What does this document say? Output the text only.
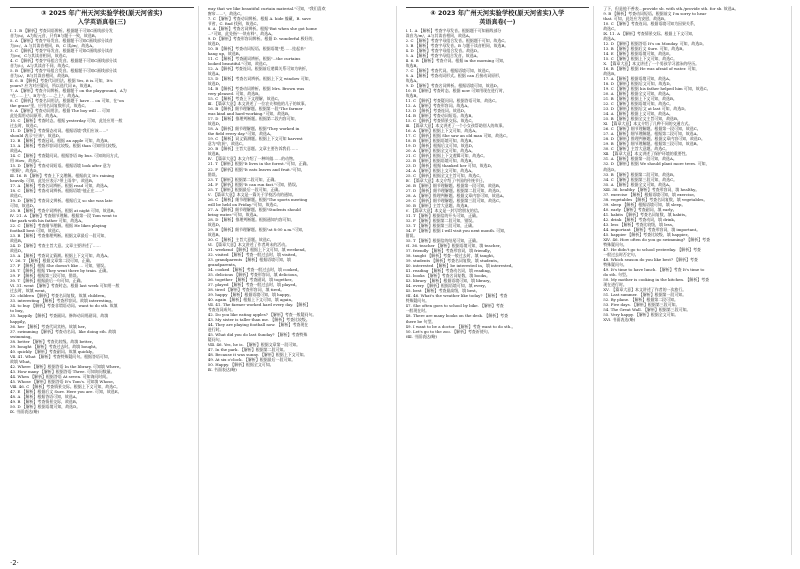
③ 2025 年广州天河实验学校(原天河省实)
入学英语真卷(三)
Ⅰ. 1. B 【解析】考查词语辨析。根据题干可知C画线部分发
音为/u/，A为短元音，只有B与题干一致，故选B。
2. A 【解析】考查字母发音。根据题干可知C画线部分读音
为/ɑː/，A 与其读音相同，B、C 读/æ/，故选A。
3. C 【解析】考查字母发音。根据题干可知C画线部分读音
为/eɪ/，C与其读音相同，故选C。
4. C 【解析】考查字母组合发音。根据题干可知C画线部分读
音为/iː/，A与其读音不同，故选C。
5. B 【解析】考查字母组合发音。根据题干可知C画线部分读
音为/ʌ/，B与其读音相同，故选B。
Ⅱ. 6. B 【解析】考查代词用法。根据 Yes, it is.可知，It's
yours? 应为对应疑问，所以选代词 it。故选B。
7. A 【解析】考查介词辨析。根据题干 on the playground，A为
"在……上"，B为"在……之上"，故选A。
8. C 【解析】考查名词用法。根据题干 have ... on 可知，在"on
the grass"里，应用名词复数形式，故选C。
9. A 【解析】考查动词用法。根据 The boy will ... 可知
此处需用动词原形，故选A。
10. C 【解析】考查时态。根据 yesterday 可知，此处应用一般
过去时，故选C。
11. D 【解析】考查情态动词。根据语境"我们应该……"
should 表示"应该"，故选D。
12. B 【解析】考查冠词。根据 an apple 可知，故选B。
13. A 【解析】考查形容词比较级。根据 than 可知用比较级，
故选A。
14. C 【解析】考查疑问词。根据答语 By bus. 可知询问方式，
用 How，故选C。
15. D 【解析】考查动词短语。根据语境 look after 意为
"照顾"，故选D。
Ⅲ. 16. B 【解析】考查上下文理解。根据前文 It's raining
heavily. 可知，此处应表示"带上雨伞"，故选B。
17. A 【解析】考查名词辨析。根据 read 可知，故选A。
18. C 【解析】考查动词辨析。根据语境"他正在……"
故选C。
19. D 【解析】考查词义辨析。根据后文 so she was late
可知，故选D。
20. B 【解析】考查介词辨析。根据 at night 可知，故选B。
Ⅳ. 21. A 【解析】考查细节理解。根据第一段 Tom went to
the park with his father 可知，故选A。
22. C 【解析】考查细节理解。根据 He likes playing
football best 可知，故选C。
23. B 【解析】考查推理判断。根据文章最后一段可知，
故选B。
24. D 【解析】考查主旨大意。文章主要讲述了……
故选D。
25. A 【解析】考查词义猜测。根据上下文可知，故选A。
Ⅴ. 26. T 【解析】根据文章第二段可知，正确。
27. F 【解析】根据 She doesn't like ... 可知，错误。
28. T 【解析】根据 They went there by train. 正确。
29. F 【解析】根据第三段可知，错误。
30. T 【解析】根据最后一句可知，正确。
Ⅵ. 31. went 【解析】考查时态。根据 last week 可知用一般
过去时，故填 went。
32. children 【解析】考查名词复数。故填 children。
33. interesting 【解析】考查形容词。故填 interesting。
34. to buy 【解析】考查非谓语动词。want to do sth. 故填
to buy。
35. happily 【解析】考查副词。修饰动词用副词，故填
happily。
36. her 【解析】考查代词宾格。故填 her。
37. swimming 【解析】考查动名词。like doing sth. 故填
swimming。
38. better 【解析】考查比较级。故填 better。
39. bought 【解析】考查过去时。故填 bought。
40. quickly 【解析】考查副词。故填 quickly。
Ⅶ. 41. What 【解析】考查特殊疑问句。根据答语可知，
故填 What。
42. Where 【解析】根据答语 In the library. 可知填 Where。
43. How many 【解析】根据答语 Three. 可知询问数量。
44. When 【解析】根据答语 At seven. 可知询问时间。
45. Whose 【解析】根据答语 It's Tom's. 可知填 Whose。
Ⅷ. 46. C 【解析】考查情景交际。根据上下文可知，故选C。
47. E 【解析】根据后文 Sure. Here you are. 可知，故选E。
48. A 【解析】根据答语可知，故选A。
49. B 【解析】考查情景交际，故选B。
50. D 【解析】根据语境可知，故选D。
Ⅸ. 书面表达(略)
way that we like beautiful curtain material."可知，"我们喜欢
窗帘……"，故选C。
7. C 【解析】考查动词辨析。根据 A. hide 躲藏，B. save
节省，C. find 找到，故选C。
8. A 【解析】考查名词辨析。根据"But when she got home
..."可知，此处指"一块布料"，故选A。
9. D 【解析】考查形容词辨析。根据 D. wonderful 极好的，
故选D。
10. B 【解析】考查动词短语。根据语境"把……挂起来"
hang up，故选B。
11. C 【解析】考查副词辨析。根据"...the curtains
looked beautiful."可知，故选C。
12. A 【解析】考查连词。根据前后逻辑关系可知为转折，
故选A。
13. D 【解析】考查名词辨析。根据上下文 window 可知，
故选D。
14. B 【解析】考查动词辨析。根据 Mrs. Brown was
very pleased. 可知，故选B。
15. C 【解析】考查上下文理解，故选C。
Ⅲ. 【篇章大意】本文讲述了一位农夫和他的儿子的故事。
16. B 【解析】细节理解题。根据第一段"The farmer
was kind and hard-working."可知，故选B。
17. D 【解析】推理判断题。根据第二段内容可知，
故选D。
18. A 【解析】细节理解题。根据"They worked in
the field every day."可知，故选A。
19. C 【解析】词义猜测题。根据上下文可知 harvest
意为"收获"，故选C。
20. B 【解析】主旨大意题。文章主要告诉我们……
故选B。
Ⅳ. 【篇章大意】本文介绍了一种叫做……的动物。
21. T 【解析】根据"It lives in the forest."可知，正确。
22. F 【解析】根据"It eats leaves and fruit."可知，
错误。
23. T 【解析】根据第二段可知，正确。
24. F 【解析】根据"It can run fast."可知，错误。
25. T 【解析】根据最后一段可知，正确。
Ⅴ. 【篇章大意】本文是一篇关于学校活动的通知。
26. C 【解析】细节理解题。根据"The sports meeting
will be held on Friday."可知，故选C。
27. A 【解析】细节理解题。根据"Students should
bring water."可知，故选A。
28. D 【解析】推理判断题。根据通知内容可知，
故选D。
29. B 【解析】细节理解题。根据"at 8:00 a.m."可知，
故选B。
30. C 【解析】主旨大意题。故选C。
Ⅵ. 【篇章大意】本文讲述了作者周末的活动。
31. weekend 【解析】根据上下文可知，填 weekend。
32. visited 【解析】考查一般过去时，填 visited。
33. grandparents 【解析】根据语境可知，填
grandparents。
34. cooked 【解析】考查一般过去时，填 cooked。
35. delicious 【解析】考查形容词，填 delicious。
36. together 【解析】考查副词，填 together。
37. played 【解析】考查一般过去时，填 played。
38. tired 【解析】考查形容词，填 tired。
39. happy 【解析】根据语境可知，填 happy。
40. again 【解析】根据上下文可知，填 again。
Ⅶ. 41. The farmer worked hard every day. 【解析】
考查连词成句。
42. Do you like eating apples? 【解析】考查一般疑问句。
43. My sister is taller than me. 【解析】考查比较级。
44. They are playing football now. 【解析】考查现在
进行时。
45. What did you do last Sunday? 【解析】考查特殊
疑问句。
Ⅷ. 46. Yes, he is. 【解析】根据文章第一段可知。
47. In the park. 【解析】根据第二段可知。
48. Because it was sunny. 【解析】根据上下文可知。
49. At six o'clock. 【解析】根据最后一段可知。
50. Happy. 【解析】根据全文可知。
Ⅸ. 书面表达(略)
④ 2023 年广州天河实验学校(原天河省实)入学
英语真卷(一)
Ⅰ. 1. A 【解析】考查字母发音。根据题干可知画线部分
读音为/æ/，A与其读音相同，故选A。
2. C 【解析】考查字母组合发音。根据题干可知，故选C。
3. B 【解析】考查字母发音。B 与题干读音相同，故选B。
4. D 【解析】考查字母组合发音。故选D。
5. A 【解析】考查字母组合发音。故选A。
Ⅱ. 6. B 【解析】考查介词。根据 in the morning 可知，
故选B。
7. C 【解析】考查代词。根据语境可知，故选C。
8. A 【解析】考查动词形式。根据 can 后接动词原形，
故选A。
9. D 【解析】考查名词辨析。根据语境可知，故选D。
10. B 【解析】考查时态。根据 now 可知用现在进行时，
故选B。
11. C 【解析】考查疑问词。根据答语可知，故选C。
12. A 【解析】考查形容词。故选A。
13. D 【解析】考查连词。故选D。
14. B 【解析】考查动词短语。故选B。
15. C 【解析】考查情景交际。故选C。
Ⅲ. 【篇章大意】本文讲述了一个小女孩帮助别人的故事。
16. A 【解析】根据上下文可知，故选A。
17. C 【解析】根据 She saw an old man 可知，故选C。
18. B 【解析】根据语境可知，故选B。
19. D 【解析】根据后文可知，故选D。
20. A 【解析】根据全文可知，故选A。
21. C 【解析】根据上下文逻辑可知，故选C。
22. B 【解析】根据语境可知，故选B。
23. D 【解析】根据 thanked her 可知，故选D。
24. A 【解析】根据上文可知，故选A。
25. C 【解析】根据全文主旨可知，故选C。
Ⅳ. 【篇章大意】本文介绍了中国的传统节日。
26. B 【解析】细节理解题。根据第一段可知，故选B。
27. D 【解析】细节理解题。根据第二段可知，故选D。
28. A 【解析】推理判断题。根据文章内容可知，故选A。
29. C 【解析】细节理解题。根据第三段可知，故选C。
30. B 【解析】主旨大意题。故选B。
Ⅴ. 【篇章大意】本文是一封写给朋友的信。
31. T 【解析】根据信的开头可知，正确。
32. F 【解析】根据第二段可知，错误。
33. T 【解析】根据第三段可知，正确。
34. F 【解析】根据 I will visit you next month. 可知，
错误。
35. T 【解析】根据信的结尾可知，正确。
Ⅵ. 36. teacher 【解析】根据语境可知，填 teacher。
37. friendly 【解析】考查形容词，填 friendly。
38. taught 【解析】考查一般过去时，填 taught。
39. students 【解析】考查名词复数，填 students。
40. interested 【解析】be interested in，填 interested。
41. reading 【解析】考查动名词，填 reading。
42. books 【解析】考查名词复数，填 books。
43. library 【解析】根据语境可知，填 library。
44. every 【解析】根据语境可知，填 every。
45. best 【解析】考查最高级，填 best。
Ⅶ. 46. What's the weather like today? 【解析】考查
特殊疑问句。
47. She often goes to school by bike. 【解析】考查
一般现在时。
48. There are many books on the desk. 【解析】考查
there be 句型。
49. I want to be a doctor. 【解析】考查 want to do sth.。
50. Let's go to the zoo. 【解析】考查祈使句。
Ⅷ. 书面表达(略)
了下，但是他不善表…provide sb. with sth./provide sth. for sb. 故选A。
9. B 【解析】考查动词短语。根据前文 I'm sorry to hear
that. 可知，此处应为安慰，故选B。
10. C 【解析】考查连词。根据语境可知为因果关系，
故选C。
Ⅸ. 11. A 【解析】考查情景交际。根据上下文可知，
故选A。
12. D 【解析】根据答语 It's on Monday. 可知，故选D。
13. B 【解析】根据后文 Sure. 可知，故选B。
14. E 【解析】根据语境可知，故选E。
15. C 【解析】根据上下文可知，故选C。
Ⅹ. 【篇章大意】本文讲述了一个男孩学习游泳的经历。
16. B 【解析】根据 He was afraid of water. 可知，
故选B。
17. A 【解析】根据语境可知，故选A。
18. D 【解析】根据后文可知，故选D。
19. C 【解析】根据 his father helped him 可知，故选C。
20. A 【解析】根据全文可知，故选A。
21. B 【解析】根据上下文可知，故选B。
22. C 【解析】根据语境可知，故选C。
23. D 【解析】根据后文 at last 可知，故选D。
24. A 【解析】根据上文可知，故选A。
25. B 【解析】根据全文主旨可知，故选B。
Ⅺ. 【篇章大意】本文介绍了几种不同的交通方式。
26. C 【解析】细节理解题。根据第一段可知，故选C。
27. A 【解析】细节理解题。根据第二段可知，故选A。
28. D 【解析】推理判断题。根据文章内容可知，故选D。
29. B 【解析】细节理解题。根据第三段可知，故选B。
30. C 【解析】主旨大意题。故选C。
Ⅻ. 【篇章大意】本文讲述了保护环境的重要性。
31. A 【解析】根据第一段可知，故选A。
32. D 【解析】根据 We should plant more trees. 可知，
故选D。
33. B 【解析】根据第二段可知，故选B。
34. C 【解析】根据第三段可知，故选C。
35. A 【解析】根据全文可知，故选A。
ⅩⅢ. 36. healthy 【解析】考查形容词，填 healthy。
37. exercise 【解析】根据语境可知，填 exercise。
38. vegetables 【解析】考查名词复数，填 vegetables。
39. sleep 【解析】根据语境可知，填 sleep。
40. early 【解析】考查副词，填 early。
41. habits 【解析】考查名词复数，填 habits。
42. drink 【解析】考查动词，填 drink。
43. less 【解析】考查比较级，填 less。
44. important 【解析】考查形容词，填 important。
45. happier 【解析】考查比较级，填 happier。
ⅩⅣ. 46. How often do you go swimming? 【解析】考查
特殊疑问句。
47. He didn't go to school yesterday. 【解析】考查
一般过去时否定句。
48. Which season do you like best? 【解析】考查
特殊疑问句。
49. It's time to have lunch. 【解析】考查 It's time to
do sth. 句型。
50. My mother is cooking in the kitchen. 【解析】考查
现在进行时。
ⅩⅤ. 【篇章大意】本文讲述了作者的一次旅行。
51. Last summer. 【解析】根据第一段可知。
52. By plane. 【解析】根据第二段可知。
53. Five days. 【解析】根据第三段可知。
54. The Great Wall. 【解析】根据第三段可知。
55. Very happy. 【解析】根据全文可知。
ⅩⅥ. 书面表达(略)
·2·
